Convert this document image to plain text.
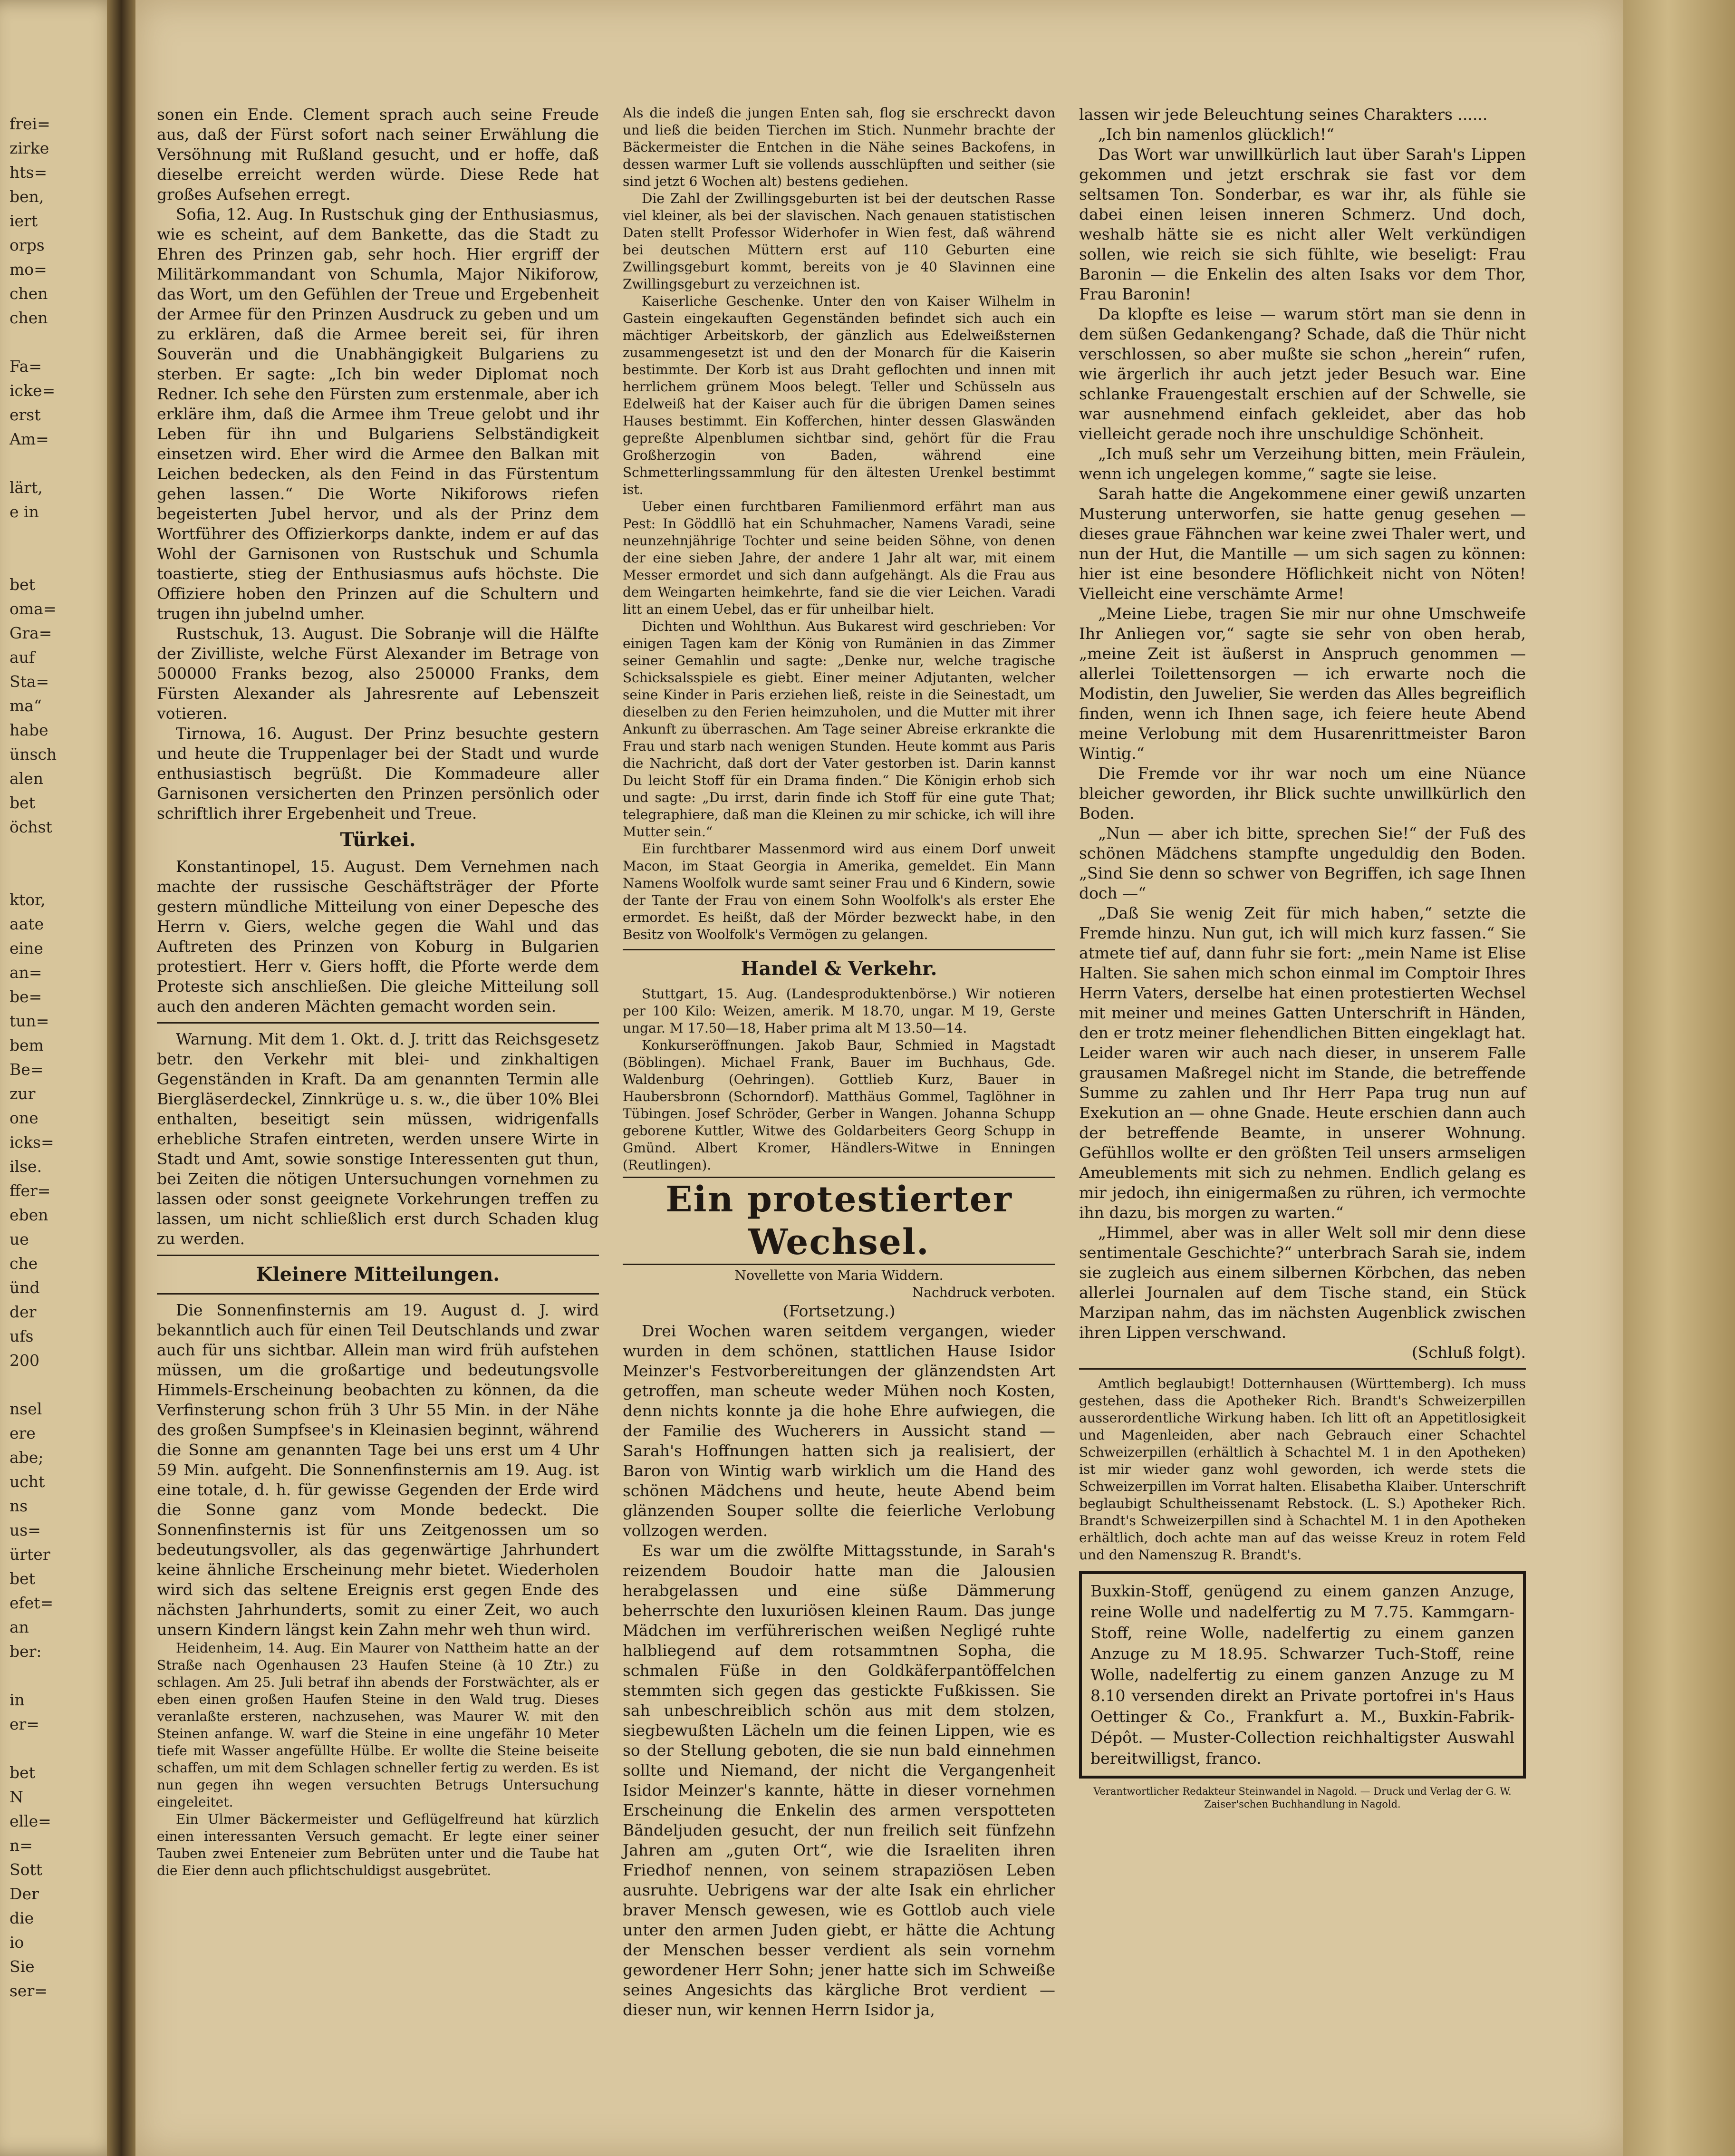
frei=
zirke
hts=
ben,
iert
orps
mo=
chen
chen
Fa=
icke=
erst
Am=
lärt,
e in
bet
oma=
Gra=
auf
Sta=
ma“
habe
ünsch
alen
bet
öchst
ktor,
aate
eine
an=
be=
tun=
bem
Be=
zur
one
icks=
ilse.
ffer=
eben
ue
che
ünd
der
ufs
200
nsel
ere
abe;
ucht
ns
us=
ürter
bet
efet=
an
ber:
in
er=
bet
N
elle=
n=
Sott
Der
die
io
Sie
ser=

sonen ein Ende. Clement sprach auch seine Freude aus, daß der Fürst sofort nach seiner Erwählung die Versöhnung mit Rußland gesucht, und er hoffe, daß dieselbe erreicht werden würde. Diese Rede hat großes Aufsehen erregt.

Sofia, 12. Aug. In Rustschuk ging der Enthusiasmus, wie es scheint, auf dem Bankette, das die Stadt zu Ehren des Prinzen gab, sehr hoch. Hier ergriff der Militärkommandant von Schumla, Major Nikiforow, das Wort, um den Gefühlen der Treue und Ergebenheit der Armee für den Prinzen Ausdruck zu geben und um zu erklären, daß die Armee bereit sei, für ihren Souverän und die Unabhängigkeit Bulgariens zu sterben. Er sagte: „Ich bin weder Diplomat noch Redner. Ich sehe den Fürsten zum erstenmale, aber ich erkläre ihm, daß die Armee ihm Treue gelobt und ihr Leben für ihn und Bulgariens Selbständigkeit einsetzen wird. Eher wird die Armee den Balkan mit Leichen bedecken, als den Feind in das Fürstentum gehen lassen.“ Die Worte Nikiforows riefen begeisterten Jubel hervor, und als der Prinz dem Wortführer des Offizierkorps dankte, indem er auf das Wohl der Garnisonen von Rustschuk und Schumla toastierte, stieg der Enthusiasmus aufs höchste. Die Offiziere hoben den Prinzen auf die Schultern und trugen ihn jubelnd umher.

Rustschuk, 13. August. Die Sobranje will die Hälfte der Zivilliste, welche Fürst Alexander im Betrage von 500000 Franks bezog, also 250000 Franks, dem Fürsten Alexander als Jahresrente auf Lebenszeit votieren.

Tirnowa, 16. August. Der Prinz besuchte gestern und heute die Truppenlager bei der Stadt und wurde enthusiastisch begrüßt. Die Kommadeure aller Garnisonen versicherten den Prinzen persönlich oder schriftlich ihrer Ergebenheit und Treue.

Türkei.

Konstantinopel, 15. August. Dem Vernehmen nach machte der russische Geschäftsträger der Pforte gestern mündliche Mitteilung von einer Depesche des Herrn v. Giers, welche gegen die Wahl und das Auftreten des Prinzen von Koburg in Bulgarien protestiert. Herr v. Giers hofft, die Pforte werde dem Proteste sich anschließen. Die gleiche Mitteilung soll auch den anderen Mächten gemacht worden sein.

Warnung. Mit dem 1. Okt. d. J. tritt das Reichsgesetz betr. den Verkehr mit blei- und zinkhaltigen Gegenständen in Kraft. Da am genannten Termin alle Biergläserdeckel, Zinnkrüge u. s. w., die über 10% Blei enthalten, beseitigt sein müssen, widrigenfalls erhebliche Strafen eintreten, werden unsere Wirte in Stadt und Amt, sowie sonstige Interessenten gut thun, bei Zeiten die nötigen Untersuchungen vornehmen zu lassen oder sonst geeignete Vorkehrungen treffen zu lassen, um nicht schließlich erst durch Schaden klug zu werden.

Kleinere Mitteilungen.

Die Sonnenfinsternis am 19. August d. J. wird bekanntlich auch für einen Teil Deutschlands und zwar auch für uns sichtbar. Allein man wird früh aufstehen müssen, um die großartige und bedeutungsvolle Himmels-Erscheinung beobachten zu können, da die Verfinsterung schon früh 3 Uhr 55 Min. in der Nähe des großen Sumpfsee's in Kleinasien beginnt, während die Sonne am genannten Tage bei uns erst um 4 Uhr 59 Min. aufgeht. Die Sonnenfinsternis am 19. Aug. ist eine totale, d. h. für gewisse Gegenden der Erde wird die Sonne ganz vom Monde bedeckt. Die Sonnenfinsternis ist für uns Zeitgenossen um so bedeutungsvoller, als das gegenwärtige Jahrhundert keine ähnliche Erscheinung mehr bietet. Wiederholen wird sich das seltene Ereignis erst gegen Ende des nächsten Jahrhunderts, somit zu einer Zeit, wo auch unsern Kindern längst kein Zahn mehr weh thun wird.

Heidenheim, 14. Aug. Ein Maurer von Nattheim hatte an der Straße nach Ogenhausen 23 Haufen Steine (à 10 Ztr.) zu schlagen. Am 25. Juli betraf ihn abends der Forstwächter, als er eben einen großen Haufen Steine in den Wald trug. Dieses veranlaßte ersteren, nachzusehen, was Maurer W. mit den Steinen anfange. W. warf die Steine in eine ungefähr 10 Meter tiefe mit Wasser angefüllte Hülbe. Er wollte die Steine beiseite schaffen, um mit dem Schlagen schneller fertig zu werden. Es ist nun gegen ihn wegen versuchten Betrugs Untersuchung eingeleitet.

Ein Ulmer Bäckermeister und Geflügelfreund hat kürzlich einen interessanten Versuch gemacht. Er legte einer seiner Tauben zwei Enteneier zum Bebrüten unter und die Taube hat die Eier denn auch pflichtschuldigst ausgebrütet.

Als die indeß die jungen Enten sah, flog sie erschreckt davon und ließ die beiden Tierchen im Stich. Nunmehr brachte der Bäckermeister die Entchen in die Nähe seines Backofens, in dessen warmer Luft sie vollends ausschlüpften und seither (sie sind jetzt 6 Wochen alt) bestens gediehen.

Die Zahl der Zwillingsgeburten ist bei der deutschen Rasse viel kleiner, als bei der slavischen. Nach genauen statistischen Daten stellt Professor Widerhofer in Wien fest, daß während bei deutschen Müttern erst auf 110 Geburten eine Zwillingsgeburt kommt, bereits von je 40 Slavinnen eine Zwillingsgeburt zu verzeichnen ist.

Kaiserliche Geschenke. Unter den von Kaiser Wilhelm in Gastein eingekauften Gegenständen befindet sich auch ein mächtiger Arbeitskorb, der gänzlich aus Edelweißsternen zusammengesetzt ist und den der Monarch für die Kaiserin bestimmte. Der Korb ist aus Draht geflochten und innen mit herrlichem grünem Moos belegt. Teller und Schüsseln aus Edelweiß hat der Kaiser auch für die übrigen Damen seines Hauses bestimmt. Ein Kofferchen, hinter dessen Glaswänden gepreßte Alpenblumen sichtbar sind, gehört für die Frau Großherzogin von Baden, während eine Schmetterlingssammlung für den ältesten Urenkel bestimmt ist.

Ueber einen furchtbaren Familienmord erfährt man aus Pest: In Göddllö hat ein Schuhmacher, Namens Varadi, seine neunzehnjährige Tochter und seine beiden Söhne, von denen der eine sieben Jahre, der andere 1 Jahr alt war, mit einem Messer ermordet und sich dann aufgehängt. Als die Frau aus dem Weingarten heimkehrte, fand sie die vier Leichen. Varadi litt an einem Uebel, das er für unheilbar hielt.

Dichten und Wohlthun. Aus Bukarest wird geschrieben: Vor einigen Tagen kam der König von Rumänien in das Zimmer seiner Gemahlin und sagte: „Denke nur, welche tragische Schicksalsspiele es giebt. Einer meiner Adjutanten, welcher seine Kinder in Paris erziehen ließ, reiste in die Seinestadt, um dieselben zu den Ferien heimzuholen, und die Mutter mit ihrer Ankunft zu überraschen. Am Tage seiner Abreise erkrankte die Frau und starb nach wenigen Stunden. Heute kommt aus Paris die Nachricht, daß dort der Vater gestorben ist. Darin kannst Du leicht Stoff für ein Drama finden.“ Die Königin erhob sich und sagte: „Du irrst, darin finde ich Stoff für eine gute That; telegraphiere, daß man die Kleinen zu mir schicke, ich will ihre Mutter sein.“

Ein furchtbarer Massenmord wird aus einem Dorf unweit Macon, im Staat Georgia in Amerika, gemeldet. Ein Mann Namens Woolfolk wurde samt seiner Frau und 6 Kindern, sowie der Tante der Frau von einem Sohn Woolfolk's als erster Ehe ermordet. Es heißt, daß der Mörder bezweckt habe, in den Besitz von Woolfolk's Vermögen zu gelangen.

Handel & Verkehr.

Stuttgart, 15. Aug. (Landesproduktenbörse.) Wir notieren per 100 Kilo: Weizen, amerik. M 18.70, ungar. M 19, Gerste ungar. M 17.50—18, Haber prima alt M 13.50—14.

Konkurseröffnungen. Jakob Baur, Schmied in Magstadt (Böblingen). Michael Frank, Bauer im Buchhaus, Gde. Waldenburg (Oehringen). Gottlieb Kurz, Bauer in Haubersbronn (Schorndorf). Matthäus Gommel, Taglöhner in Tübingen. Josef Schröder, Gerber in Wangen. Johanna Schupp geborene Kuttler, Witwe des Goldarbeiters Georg Schupp in Gmünd. Albert Kromer, Händlers-Witwe in Enningen (Reutlingen).

Ein protestierter Wechsel.
Novellette von Maria Widdern.
Nachdruck verboten.
(Fortsetzung.)

Drei Wochen waren seitdem vergangen, wieder wurden in dem schönen, stattlichen Hause Isidor Meinzer's Festvorbereitungen der glänzendsten Art getroffen, man scheute weder Mühen noch Kosten, denn nichts konnte ja die hohe Ehre aufwiegen, die der Familie des Wucherers in Aussicht stand — Sarah's Hoffnungen hatten sich ja realisiert, der Baron von Wintig warb wirklich um die Hand des schönen Mädchens und heute, heute Abend beim glänzenden Souper sollte die feierliche Verlobung vollzogen werden.

Es war um die zwölfte Mittagsstunde, in Sarah's reizendem Boudoir hatte man die Jalousien herabgelassen und eine süße Dämmerung beherrschte den luxuriösen kleinen Raum. Das junge Mädchen im verführerischen weißen Negligé ruhte halbliegend auf dem rotsammtnen Sopha, die schmalen Füße in den Goldkäferpantöffelchen stemmten sich gegen das gestickte Fußkissen. Sie sah unbeschreiblich schön aus mit dem stolzen, siegbewußten Lächeln um die feinen Lippen, wie es so der Stellung geboten, die sie nun bald einnehmen sollte und Niemand, der nicht die Vergangenheit Isidor Meinzer's kannte, hätte in dieser vornehmen Erscheinung die Enkelin des armen verspotteten Bändeljuden gesucht, der nun freilich seit fünfzehn Jahren am „guten Ort“, wie die Israeliten ihren Friedhof nennen, von seinem strapaziösen Leben ausruhte. Uebrigens war der alte Isak ein ehrlicher braver Mensch gewesen, wie es Gottlob auch viele unter den armen Juden giebt, er hätte die Achtung der Menschen besser verdient als sein vornehm gewordener Herr Sohn; jener hatte sich im Schweiße seines Angesichts das kärgliche Brot verdient — dieser nun, wir kennen Herrn Isidor ja,

lassen wir jede Beleuchtung seines Charakters ......

„Ich bin namenlos glücklich!“

Das Wort war unwillkürlich laut über Sarah's Lippen gekommen und jetzt erschrak sie fast vor dem seltsamen Ton. Sonderbar, es war ihr, als fühle sie dabei einen leisen inneren Schmerz. Und doch, weshalb hätte sie es nicht aller Welt verkündigen sollen, wie reich sie sich fühlte, wie beseligt: Frau Baronin — die Enkelin des alten Isaks vor dem Thor, Frau Baronin!

Da klopfte es leise — warum stört man sie denn in dem süßen Gedankengang? Schade, daß die Thür nicht verschlossen, so aber mußte sie schon „herein“ rufen, wie ärgerlich ihr auch jetzt jeder Besuch war. Eine schlanke Frauengestalt erschien auf der Schwelle, sie war ausnehmend einfach gekleidet, aber das hob vielleicht gerade noch ihre unschuldige Schönheit.

„Ich muß sehr um Verzeihung bitten, mein Fräulein, wenn ich ungelegen komme,“ sagte sie leise.

Sarah hatte die Angekommene einer gewiß unzarten Musterung unterworfen, sie hatte genug gesehen — dieses graue Fähnchen war keine zwei Thaler wert, und nun der Hut, die Mantille — um sich sagen zu können: hier ist eine besondere Höflichkeit nicht von Nöten! Vielleicht eine verschämte Arme!

„Meine Liebe, tragen Sie mir nur ohne Umschweife Ihr Anliegen vor,“ sagte sie sehr von oben herab, „meine Zeit ist äußerst in Anspruch genommen — allerlei Toilettensorgen — ich erwarte noch die Modistin, den Juwelier, Sie werden das Alles begreiflich finden, wenn ich Ihnen sage, ich feiere heute Abend meine Verlobung mit dem Husarenrittmeister Baron Wintig.“

Die Fremde vor ihr war noch um eine Nüance bleicher geworden, ihr Blick suchte unwillkürlich den Boden.

„Nun — aber ich bitte, sprechen Sie!“ der Fuß des schönen Mädchens stampfte ungeduldig den Boden. „Sind Sie denn so schwer von Begriffen, ich sage Ihnen doch —“

„Daß Sie wenig Zeit für mich haben,“ setzte die Fremde hinzu. Nun gut, ich will mich kurz fassen.“ Sie atmete tief auf, dann fuhr sie fort: „mein Name ist Elise Halten. Sie sahen mich schon einmal im Comptoir Ihres Herrn Vaters, derselbe hat einen protestierten Wechsel mit meiner und meines Gatten Unterschrift in Händen, den er trotz meiner flehendlichen Bitten eingeklagt hat. Leider waren wir auch nach dieser, in unserem Falle grausamen Maßregel nicht im Stande, die betreffende Summe zu zahlen und Ihr Herr Papa trug nun auf Exekution an — ohne Gnade. Heute erschien dann auch der betreffende Beamte, in unserer Wohnung. Gefühllos wollte er den größten Teil unsers armseligen Ameublements mit sich zu nehmen. Endlich gelang es mir jedoch, ihn einigermaßen zu rühren, ich vermochte ihn dazu, bis morgen zu warten.“

„Himmel, aber was in aller Welt soll mir denn diese sentimentale Geschichte?“ unterbrach Sarah sie, indem sie zugleich aus einem silbernen Körbchen, das neben allerlei Journalen auf dem Tische stand, ein Stück Marzipan nahm, das im nächsten Augenblick zwischen ihren Lippen verschwand.

(Schluß folgt).

Amtlich beglaubigt! Dotternhausen (Württemberg). Ich muss gestehen, dass die Apotheker Rich. Brandt's Schweizerpillen ausserordentliche Wirkung haben. Ich litt oft an Appetitlosigkeit und Magenleiden, aber nach Gebrauch einer Schachtel Schweizerpillen (erhältlich à Schachtel M. 1 in den Apotheken) ist mir wieder ganz wohl geworden, ich werde stets die Schweizerpillen im Vorrat halten. Elisabetha Klaiber. Unterschrift beglaubigt Schultheissenamt Rebstock. (L. S.) Apotheker Rich. Brandt's Schweizerpillen sind à Schachtel M. 1 in den Apotheken erhältlich, doch achte man auf das weisse Kreuz in rotem Feld und den Namenszug R. Brandt's.

Buxkin-Stoff, genügend zu einem ganzen Anzuge, reine Wolle und nadelfertig zu M 7.75. Kammgarn-Stoff, reine Wolle, nadelfertig zu einem ganzen Anzuge zu M 18.95. Schwarzer Tuch-Stoff, reine Wolle, nadelfertig zu einem ganzen Anzuge zu M 8.10 versenden direkt an Private portofrei in's Haus Oettinger & Co., Frankfurt a. M., Buxkin-Fabrik-Dépôt. — Muster-Collection reichhaltigster Auswahl bereitwilligst, franco.
Verantwortlicher Redakteur Steinwandel in Nagold. — Druck und Verlag der G. W. Zaiser'schen Buchhandlung in Nagold.
